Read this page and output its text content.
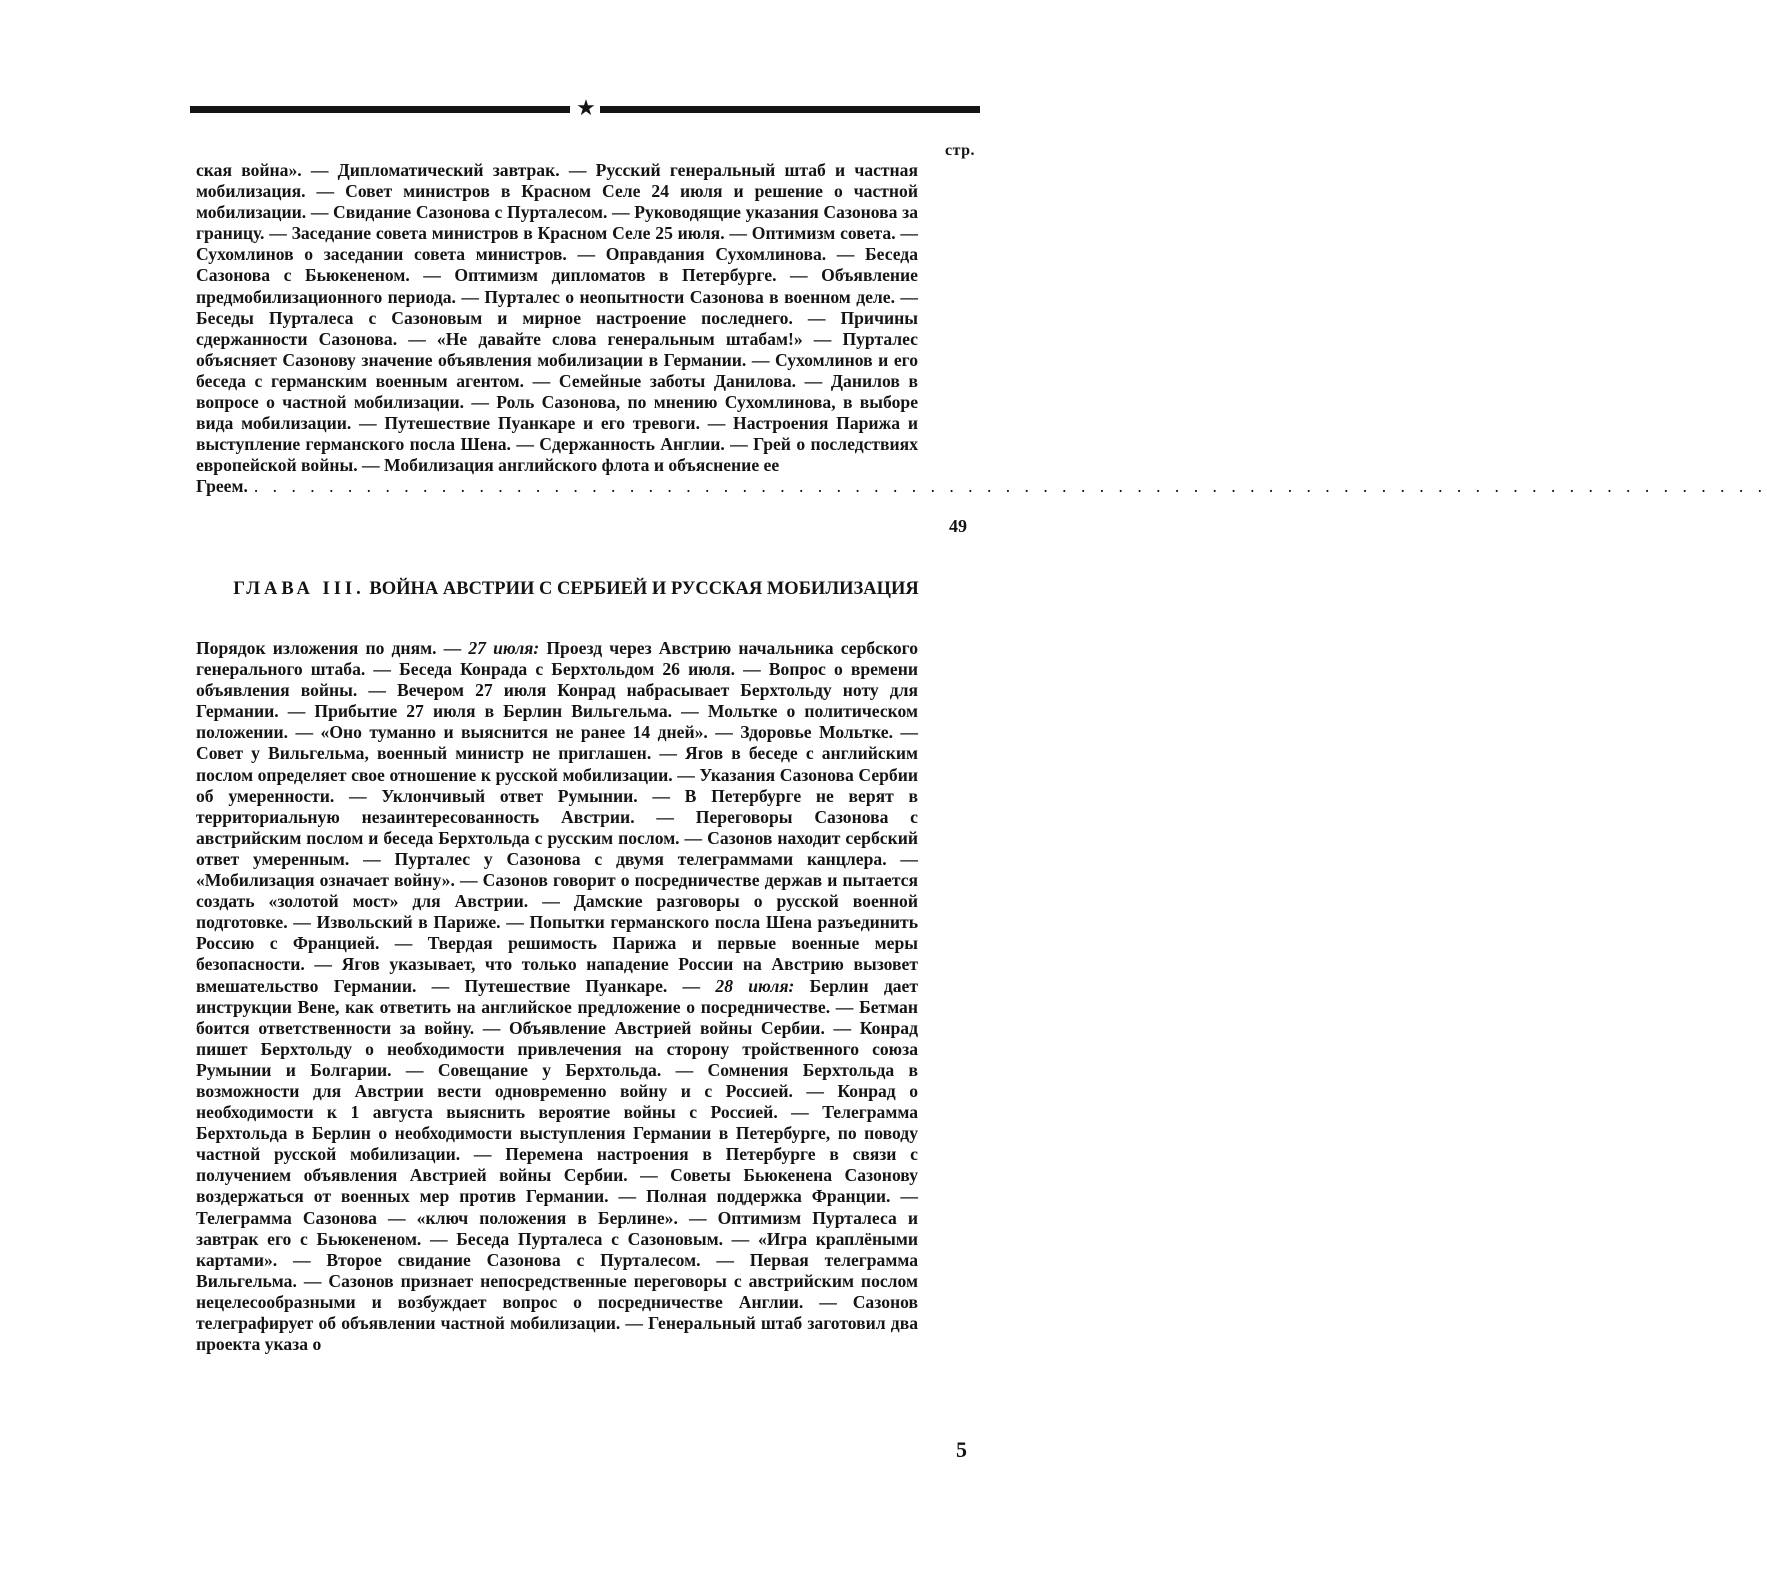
★
стр.
ская война». — Дипломатический завтрак. — Русский генеральный штаб и частная мобилизация. — Совет министров в Красном Селе 24 июля и решение о частной мобилизации. — Свидание Сазонова с Пурталесом. — Руководящие указания Сазонова за границу. — Заседание совета министров в Красном Селе 25 июля. — Оптимизм совета. — Сухомлинов о заседании совета министров. — Оправдания Сухомлинова. — Беседа Сазонова с Бьюкененом. — Оптимизм дипломатов в Петербурге. — Объявление предмобилизационного периода. — Пурталес о неопытности Сазонова в военном деле. — Беседы Пурталеса с Сазоновым и мирное настроение последнего. — Причины сдержанности Сазонова. — «Не давайте слова генеральным штабам!» — Пурталес объясняет Сазонову значение объявления мобилизации в Германии. — Сухомлинов и его беседа с германским военным агентом. — Семейные заботы Данилова. — Данилов в вопросе о частной мобилизации. — Роль Сазонова, по мнению Сухомлинова, в выборе вида мобилизации. — Путешествие Пуанкаре и его тревоги. — Настроения Парижа и выступление германского посла Шена. — Сдержанность Англии. — Грей о последствиях европейской войны. — Мобилизация английского флота и объяснение ее
Греем. . . . . . . . . . . . . . . . . . . . . . . . . . . . . . . . . . . . . . . . . . . . . . . . . . . . . . . . . . . . . . . . . . . . . . . . . . . . . . . . . .
49
ГЛАВА III. ВОЙНА АВСТРИИ С СЕРБИЕЙ И РУССКАЯ МОБИЛИЗАЦИЯ

Порядок изложения по дням. — 27 июля: Проезд через Австрию начальника сербского генерального штаба. — Беседа Конрада с Берхтольдом 26 июля. — Вопрос о времени объявления войны. — Вечером 27 июля Конрад набрасывает Берхтольду ноту для Германии. — Прибытие 27 июля в Берлин Вильгельма. — Мольтке о политическом положении. — «Оно туманно и выяснится не ранее 14 дней». — Здоровье Мольтке. — Совет у Вильгельма, военный министр не приглашен. — Ягов в беседе с английским послом определяет свое отношение к русской мобилизации. — Указания Сазонова Сербии об умеренности. — Уклончивый ответ Румынии. — В Петербурге не верят в территориальную незаинтересованность Австрии. — Переговоры Сазонова с австрийским послом и беседа Берхтольда с русским послом. — Сазонов находит сербский ответ умеренным. — Пурталес у Сазонова с двумя телеграммами канцлера. — «Мобилизация означает войну». — Сазонов говорит о посредничестве держав и пытается создать «золотой мост» для Австрии. — Дамские разговоры о русской военной подготовке. — Извольский в Париже. — Попытки германского посла Шена разъединить Россию с Францией. — Твердая решимость Парижа и первые военные меры безопасности. — Ягов указывает, что только нападение России на Австрию вызовет вмешательство Германии. — Путешествие Пуанкаре. — 28 июля: Берлин дает инструкции Вене, как ответить на английское предложение о посредничестве. — Бетман боится ответственности за войну. — Объявление Австрией войны Сербии. — Конрад пишет Берхтольду о необходимости привлечения на сторону тройственного союза Румынии и Болгарии. — Совещание у Берхтольда. — Сомнения Берхтольда в возможности для Австрии вести одновременно войну и с Россией. — Конрад о необходимости к 1 августа выяснить вероятие войны с Россией. — Телеграмма Берхтольда в Берлин о необходимости выступления Германии в Петербурге, по поводу частной русской мобилизации. — Перемена настроения в Петербурге в связи с получением объявления Австрией войны Сербии. — Советы Бьюкенена Сазонову воздержаться от военных мер против Германии. — Полная поддержка Франции. — Телеграмма Сазонова — «ключ положения в Берлине». — Оптимизм Пурталеса и завтрак его с Бьюкененом. — Беседа Пурталеса с Сазоновым. — «Игра краплёными картами». — Второе свидание Сазонова с Пурталесом. — Первая телеграмма Вильгельма. — Сазонов признает непосредственные переговоры с австрийским послом нецелесообразными и возбуждает вопрос о посредничестве Англии. — Сазонов телеграфирует об объявлении частной мобилизации. — Генеральный штаб заготовил два проекта указа о

5
